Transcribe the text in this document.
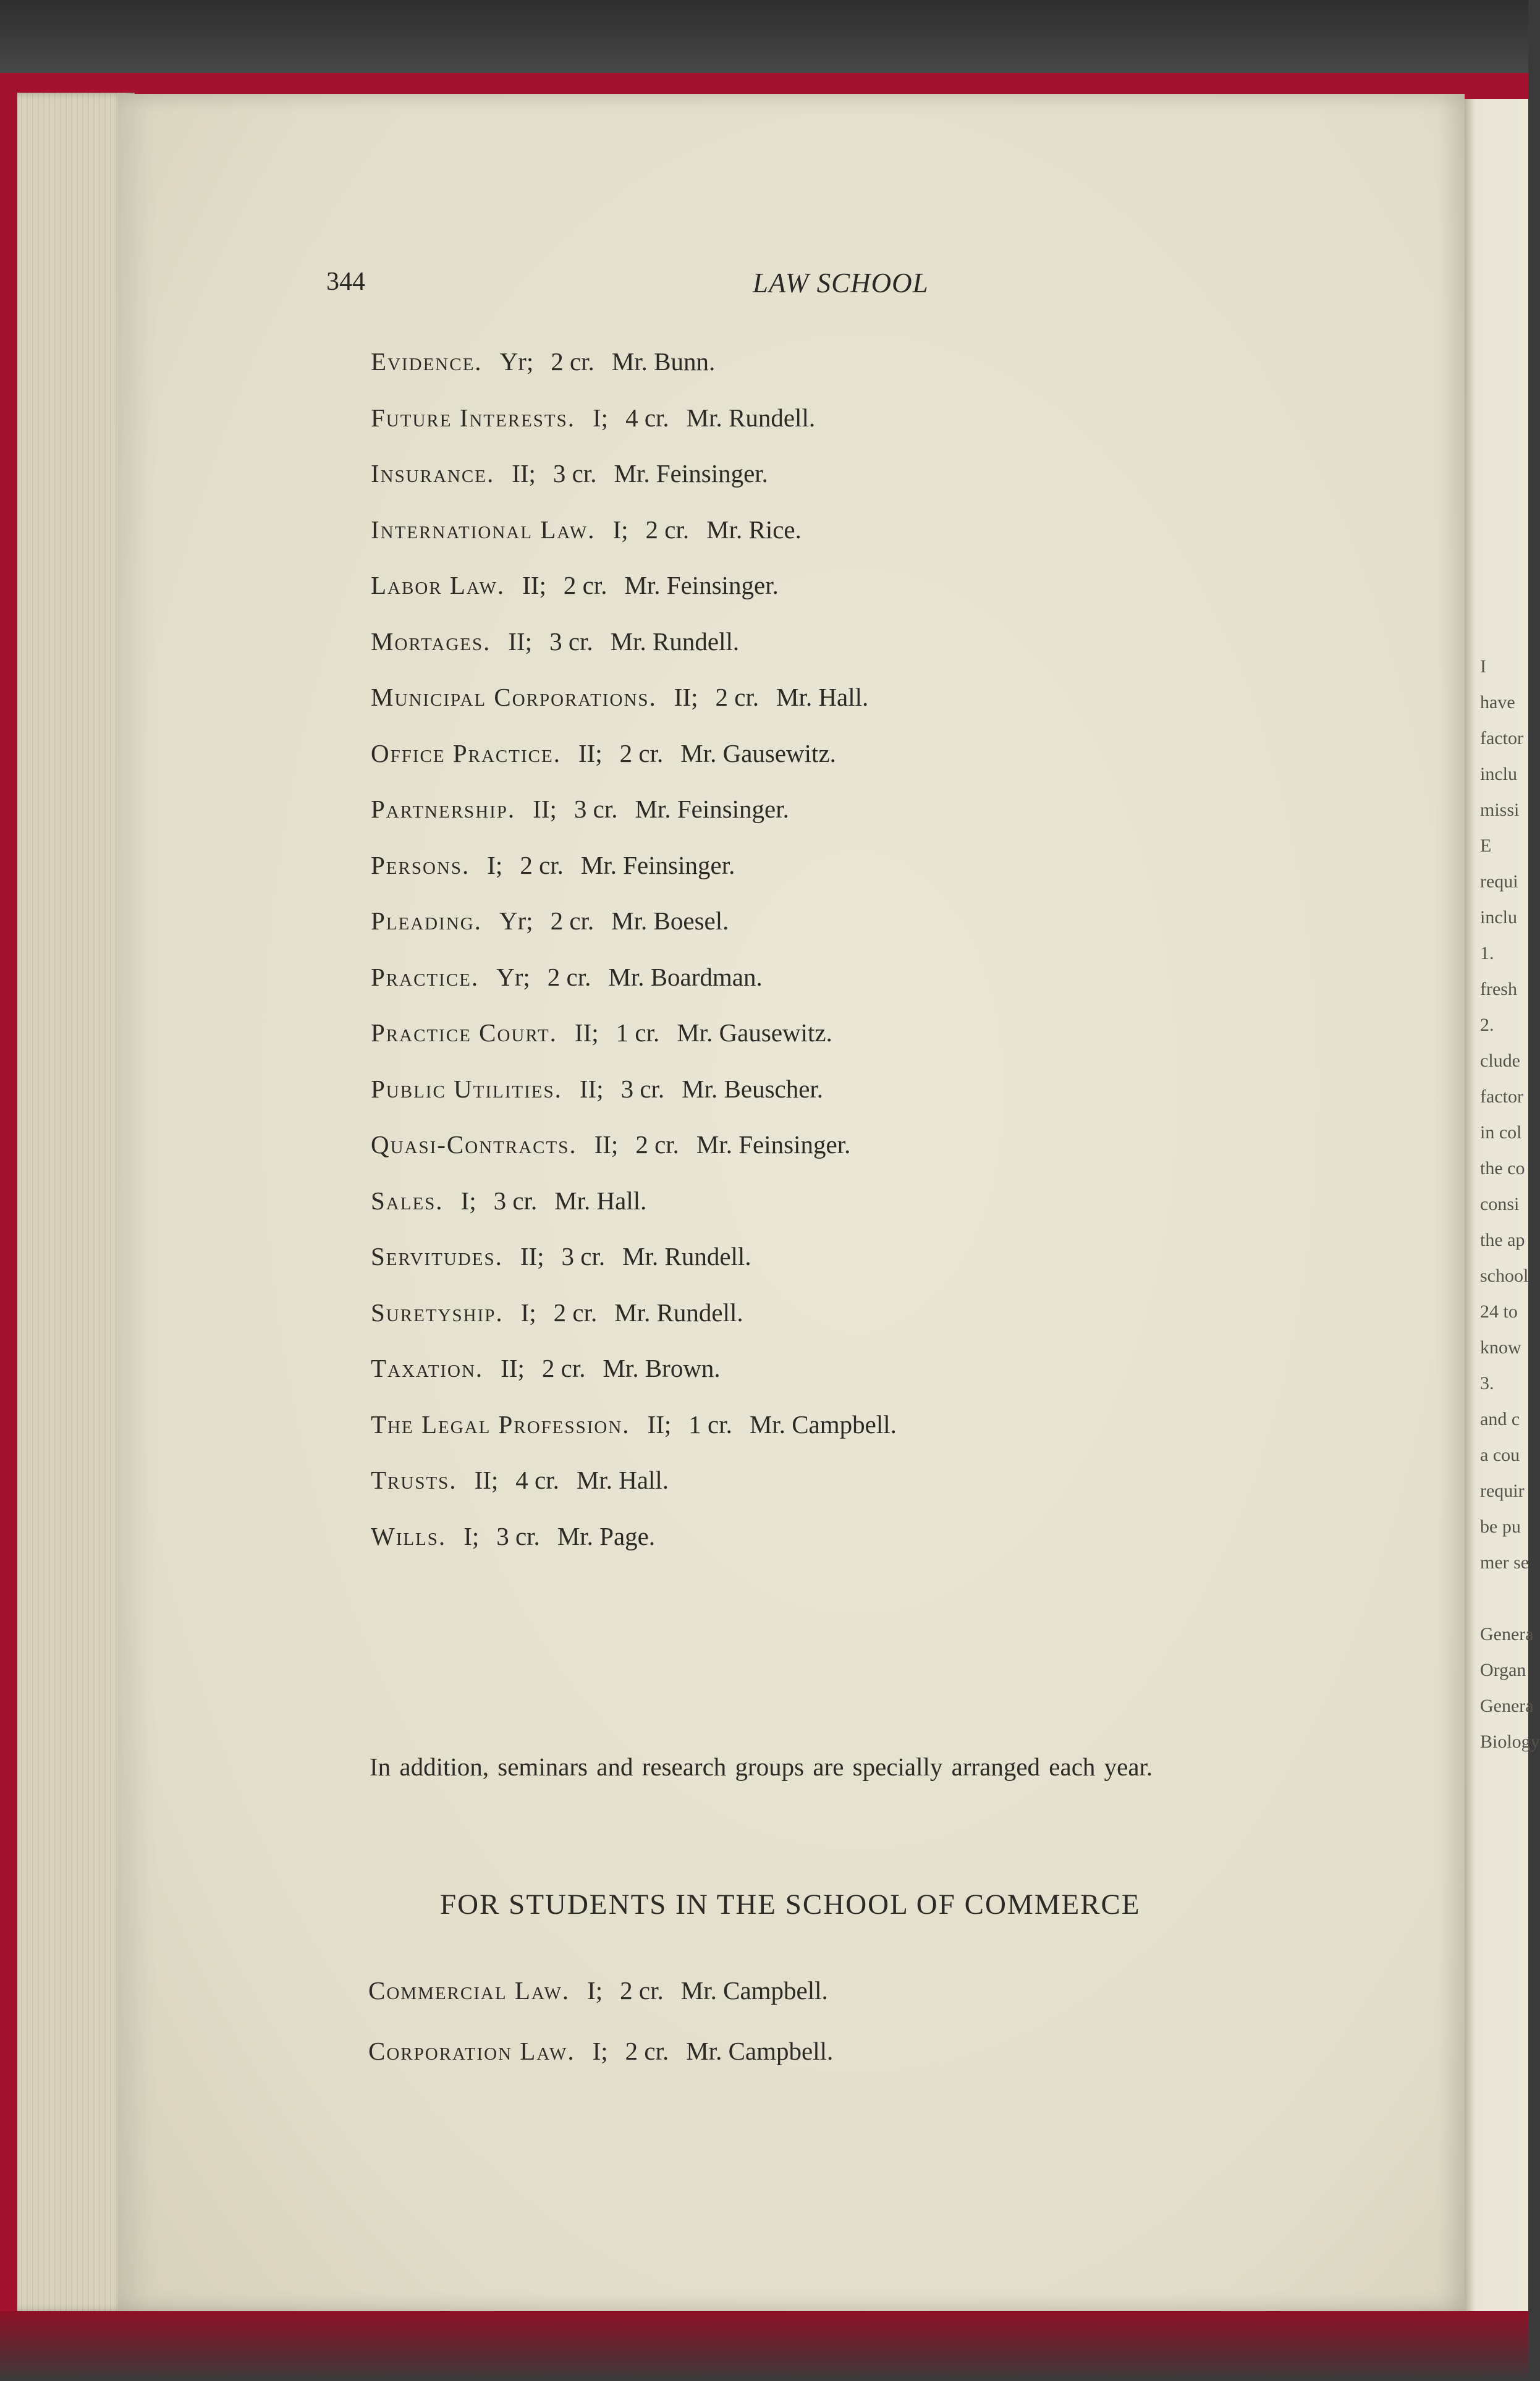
I
have
factor
inclu
missi
E
requi
inclu
1.
fresh
2.
clude
factor
in col
the co
consi
the ap
school
24 to
know
3.
and c
a cou
requir
be pu
mer se
Genera
Organ
Genera
Biology
344	LAW SCHOOL
Evidence. Yr; 2 cr. Mr. Bunn.
Future Interests. I; 4 cr. Mr. Rundell.
Insurance. II; 3 cr. Mr. Feinsinger.
International Law. I; 2 cr. Mr. Rice.
Labor Law. II; 2 cr. Mr. Feinsinger.
Mortages. II; 3 cr. Mr. Rundell.
Municipal Corporations. II; 2 cr. Mr. Hall.
Office Practice. II; 2 cr. Mr. Gausewitz.
Partnership. II; 3 cr. Mr. Feinsinger.
Persons. I; 2 cr. Mr. Feinsinger.
Pleading. Yr; 2 cr. Mr. Boesel.
Practice. Yr; 2 cr. Mr. Boardman.
Practice Court. II; 1 cr. Mr. Gausewitz.
Public Utilities. II; 3 cr. Mr. Beuscher.
Quasi-Contracts. II; 2 cr. Mr. Feinsinger.
Sales. I; 3 cr. Mr. Hall.
Servitudes. II; 3 cr. Mr. Rundell.
Suretyship. I; 2 cr. Mr. Rundell.
Taxation. II; 2 cr. Mr. Brown.
The Legal Profession. II; 1 cr. Mr. Campbell.
Trusts. II; 4 cr. Mr. Hall.
Wills. I; 3 cr. Mr. Page.
In addition, seminars and research groups are specially arranged each year.
FOR STUDENTS IN THE SCHOOL OF COMMERCE
Commercial Law. I; 2 cr. Mr. Campbell.
Corporation Law. I; 2 cr. Mr. Campbell.
